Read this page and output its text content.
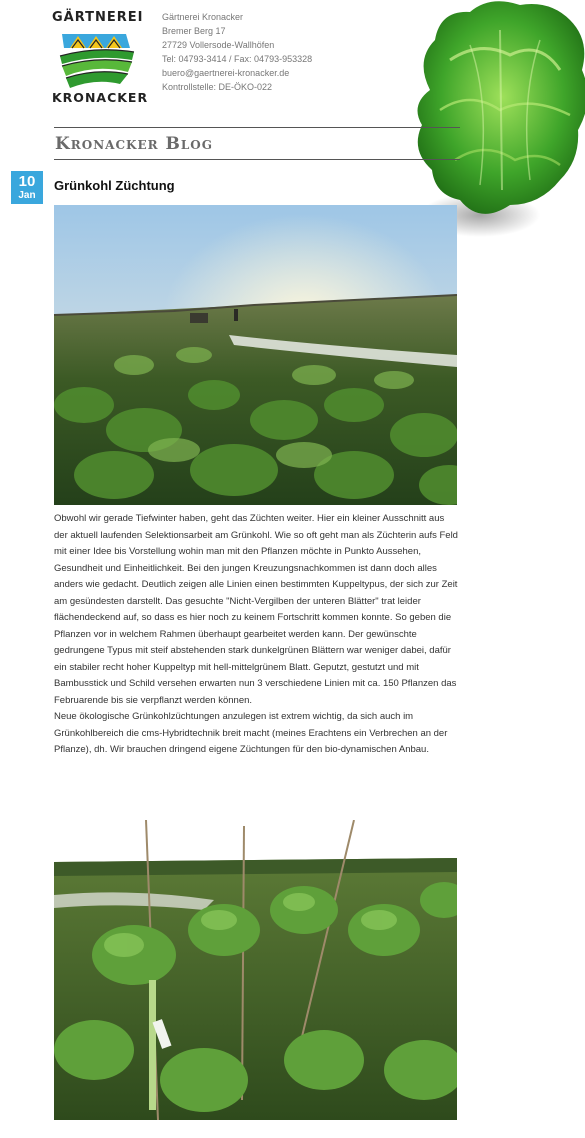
GÄRTNEREI
KRONACKER
Gärtnerei Kronacker
Bremer Berg 17
27729 Vollersode-Wallhöfen
Tel: 04793-3414 / Fax: 04793-953328
buero@gaertnerei-kronacker.de
Kontrollstelle: DE-ÖKO-022
Kronacker Blog
10
Jan
Grünkohl Züchtung

Obwohl wir gerade Tiefwinter haben, geht das Züchten weiter. Hier ein kleiner Ausschnitt aus der aktuell laufenden Selektionsarbeit am Grünkohl. Wie so oft geht man als Züchterin aufs Feld mit einer Idee bis Vorstellung wohin man mit den Pflanzen möchte in Punkto Aussehen, Gesundheit und Einheitlichkeit. Bei den jungen Kreuzungsnachkommen ist dann doch alles anders wie gedacht. Deutlich zeigen alle Linien einen bestimmten Kuppeltypus, der sich zur Zeit am gesündesten darstellt. Das gesuchte "Nicht-Vergilben der unteren Blätter" trat leider flächendeckend auf, so dass es hier noch zu keinem Fortschritt kommen konnte. So geben die Pflanzen vor in welchem Rahmen überhaupt gearbeitet werden kann. Der gewünschte gedrungene Typus mit steif abstehenden stark dunkelgrünen Blättern war weniger dabei, dafür ein stabiler recht hoher Kuppeltyp mit hell-mittelgrünem Blatt. Geputzt, gestutzt und mit Bambusstick und Schild versehen erwarten nun 3 verschiedene Linien mit ca. 150 Pflanzen das Februarende bis sie verpflanzt werden können.

Neue ökologische Grünkohlzüchtungen anzulegen ist extrem wichtig, da sich auch im Grünkohlbereich die cms-Hybridtechnik breit macht (meines Erachtens ein Verbrechen an der Pflanze), dh. Wir brauchen dringend eigene Züchtungen für den bio-dynamischen Anbau.
